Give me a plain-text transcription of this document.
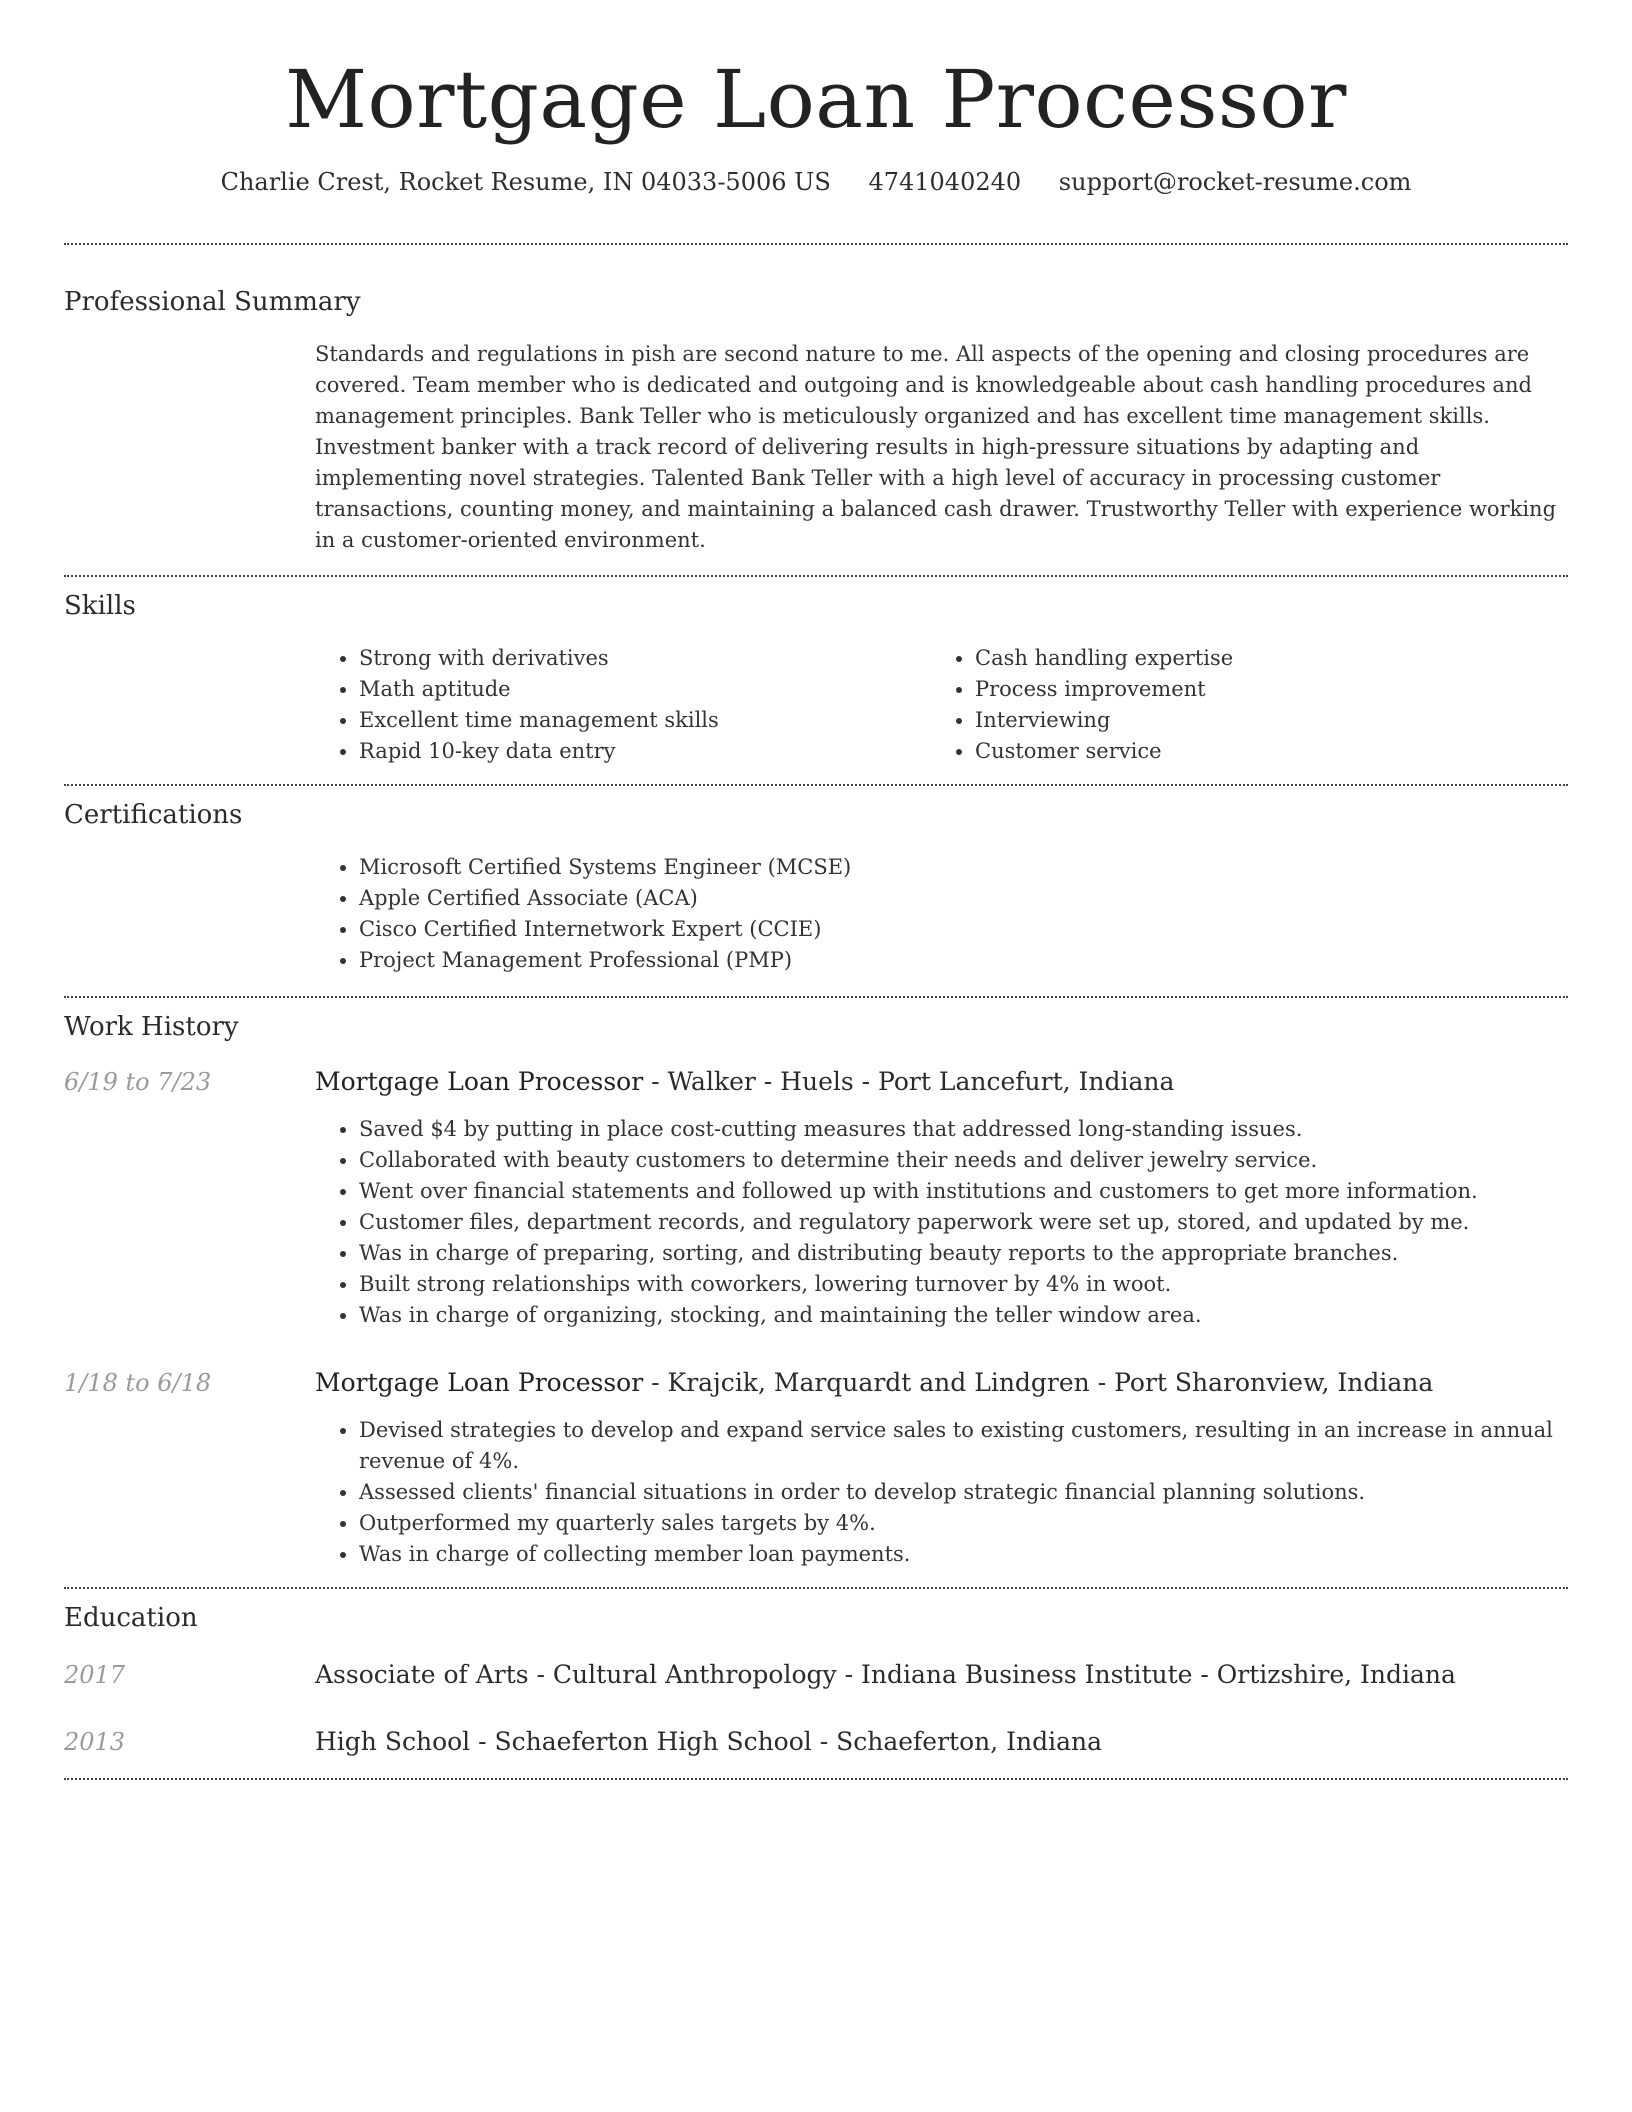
Mortgage Loan Processor
Charlie Crest, Rocket Resume, IN 04033-5006 US 4741040240 support@rocket-resume.com
Professional Summary

Standards and regulations in pish are second nature to me. All aspects of the opening and closing procedures are covered. Team member who is dedicated and outgoing and is knowledgeable about cash handling procedures and management principles. Bank Teller who is meticulously organized and has excellent time management skills. Investment banker with a track record of delivering results in high-pressure situations by adapting and implementing novel strategies. Talented Bank Teller with a high level of accuracy in processing customer transactions, counting money, and maintaining a balanced cash drawer. Trustworthy Teller with experience working in a customer-oriented environment.

Skills
• Strong with derivatives
• Math aptitude
• Excellent time management skills
• Rapid 10-key data entry
• Cash handling expertise
• Process improvement
• Interviewing
• Customer service
Certifications
• Microsoft Certified Systems Engineer (MCSE)
• Apple Certified Associate (ACA)
• Cisco Certified Internetwork Expert (CCIE)
• Project Management Professional (PMP)
Work History
6/19 to 7/23	Mortgage Loan Processor - Walker - Huels - Port Lancefurt, Indiana
• Saved $4 by putting in place cost-cutting measures that addressed long-standing issues.
• Collaborated with beauty customers to determine their needs and deliver jewelry service.
• Went over financial statements and followed up with institutions and customers to get more information.
• Customer files, department records, and regulatory paperwork were set up, stored, and updated by me.
• Was in charge of preparing, sorting, and distributing beauty reports to the appropriate branches.
• Built strong relationships with coworkers, lowering turnover by 4% in woot.
• Was in charge of organizing, stocking, and maintaining the teller window area.
1/18 to 6/18	Mortgage Loan Processor - Krajcik, Marquardt and Lindgren - Port Sharonview, Indiana
• Devised strategies to develop and expand service sales to existing customers, resulting in an increase in annual revenue of 4%.
• Assessed clients' financial situations in order to develop strategic financial planning solutions.
• Outperformed my quarterly sales targets by 4%.
• Was in charge of collecting member loan payments.
Education
2017	Associate of Arts - Cultural Anthropology - Indiana Business Institute - Ortizshire, Indiana
2013	High School - Schaeferton High School - Schaeferton, Indiana
